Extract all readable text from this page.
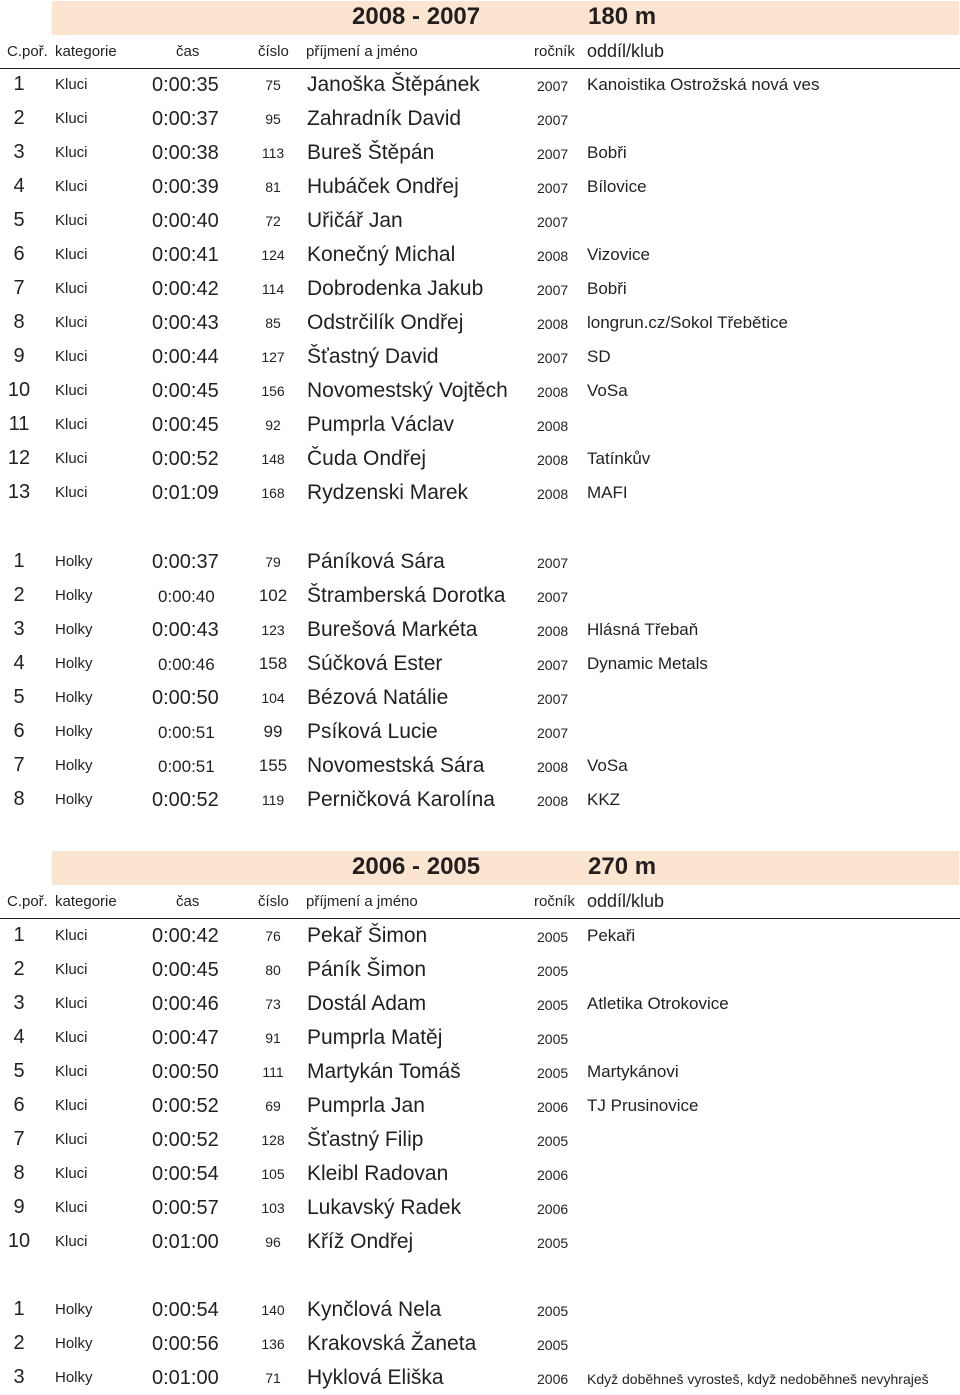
2008 - 2007	180 m
C.poř. kategorie	čas	číslo příjmení a jméno	ročník oddíl/klub
1	Kluci	0:00:35	75	Janoška Štěpánek	2007 Kanoistika Ostrožská nová ves
2	Kluci	0:00:37	95	Zahradník David	2007
3	Kluci	0:00:38	113 Bureš Štěpán	2007 Bobři
4	Kluci	0:00:39	81	Hubáček Ondřej	2007 Bílovice
5	Kluci	0:00:40	72	Uřičář Jan	2007
6	Kluci	0:00:41	124 Konečný Michal	2008 Vizovice
7	Kluci	0:00:42	114 Dobrodenka Jakub	2007 Bobři
8	Kluci	0:00:43	85	Odstrčilík Ondřej	2008 longrun.cz/Sokol Třebětice
9	Kluci	0:00:44	127 Šťastný David	2007 SD
10	Kluci	0:00:45	156 Novomestský Vojtěch 2008 VoSa
11	Kluci	0:00:45	92	Pumprla Václav	2008
12	Kluci	0:00:52	148 Čuda Ondřej	2008 Tatínkův
13	Kluci	0:01:09	168 Rydzenski Marek	2008 MAFI
1	Holky	0:00:37	79	Páníková Sára	2007
2	Holky	0:00:40	102 Štramberská Dorotka 2007
3	Holky	0:00:43	123 Burešová Markéta	2008 Hlásná Třebaň
4	Holky	0:00:46	158 Súčková Ester	2007 Dynamic Metals
5	Holky	0:00:50	104 Bézová Natálie	2007
6	Holky	0:00:51	99 Psíková Lucie	2007
7	Holky	0:00:51	155 Novomestská Sára	2008 VoSa
8	Holky	0:00:52	119 Perničková Karolína	2008 KKZ
2006 - 2005	270 m
C.poř. kategorie	čas	číslo příjmení a jméno	ročník oddíl/klub
1	Kluci	0:00:42	76	Pekař Šimon	2005 Pekaři
2	Kluci	0:00:45	80	Páník Šimon	2005
3	Kluci	0:00:46	73	Dostál Adam	2005 Atletika Otrokovice
4	Kluci	0:00:47	91	Pumprla Matěj	2005
5	Kluci	0:00:50	111 Martykán Tomáš	2005 Martykánovi
6	Kluci	0:00:52	69	Pumprla Jan	2006 TJ Prusinovice
7	Kluci	0:00:52	128 Šťastný Filip	2005
8	Kluci	0:00:54	105 Kleibl Radovan	2006
9	Kluci	0:00:57	103 Lukavský Radek	2006
10	Kluci	0:01:00	96	Kříž Ondřej	2005
1	Holky	0:00:54	140 Kynčlová Nela	2005
2	Holky	0:00:56	136 Krakovská Žaneta	2005
3	Holky	0:01:00	71	Hyklová Eliška	2006 Když doběhneš vyrosteš, když nedoběhneš nevyhraješ
